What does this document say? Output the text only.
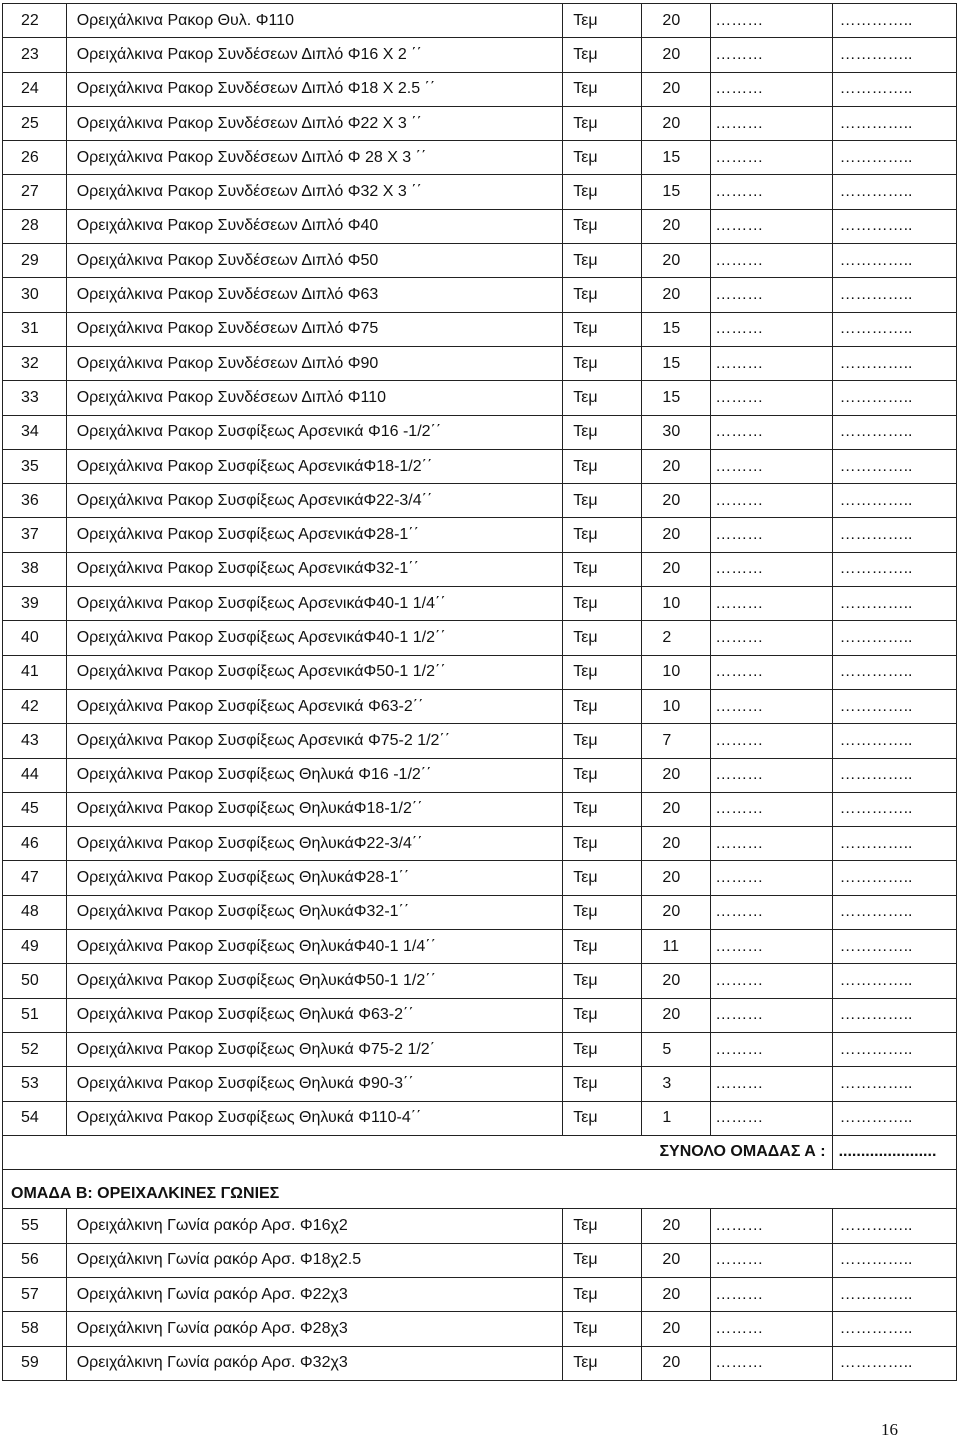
22	Ορειχάλκινα Ρακορ Θυλ. Φ110	Τεμ	20	………	…………..
23	Ορειχάλκινα Ρακορ Συνδέσεων Διπλό Φ16 Χ 2 ΄΄	Τεμ	20	………	…………..
24	Ορειχάλκινα Ρακορ Συνδέσεων Διπλό Φ18 Χ 2.5 ΄΄	Τεμ	20	………	…………..
25	Ορειχάλκινα Ρακορ Συνδέσεων Διπλό Φ22 Χ 3 ΄΄	Τεμ	20	………	…………..
26	Ορειχάλκινα Ρακορ Συνδέσεων Διπλό Φ 28 Χ 3 ΄΄	Τεμ	15	………	…………..
27	Ορειχάλκινα Ρακορ Συνδέσεων Διπλό Φ32 Χ 3 ΄΄	Τεμ	15	………	…………..
28	Ορειχάλκινα Ρακορ Συνδέσεων Διπλό Φ40	Τεμ	20	………	…………..
29	Ορειχάλκινα Ρακορ Συνδέσεων Διπλό Φ50	Τεμ	20	………	…………..
30	Ορειχάλκινα Ρακορ Συνδέσεων Διπλό Φ63	Τεμ	20	………	…………..
31	Ορειχάλκινα Ρακορ Συνδέσεων Διπλό Φ75	Τεμ	15	………	…………..
32	Ορειχάλκινα Ρακορ Συνδέσεων Διπλό Φ90	Τεμ	15	………	…………..
33	Ορειχάλκινα Ρακορ Συνδέσεων Διπλό Φ110	Τεμ	15	………	…………..
34	Ορειχάλκινα Ρακορ Συσφίξεως Αρσενικά Φ16 -1/2΄΄	Τεμ	30	………	…………..
35	Ορειχάλκινα Ρακορ Συσφίξεως ΑρσενικάΦ18-1/2΄΄	Τεμ	20	………	…………..
36	Ορειχάλκινα Ρακορ Συσφίξεως ΑρσενικάΦ22-3/4΄΄	Τεμ	20	………	…………..
37	Ορειχάλκινα Ρακορ Συσφίξεως ΑρσενικάΦ28-1΄΄	Τεμ	20	………	…………..
38	Ορειχάλκινα Ρακορ Συσφίξεως ΑρσενικάΦ32-1΄΄	Τεμ	20	………	…………..
39	Ορειχάλκινα Ρακορ Συσφίξεως ΑρσενικάΦ40-1 1/4΄΄	Τεμ	10	………	…………..
40	Ορειχάλκινα Ρακορ Συσφίξεως ΑρσενικάΦ40-1 1/2΄΄	Τεμ	2	………	…………..
41	Ορειχάλκινα Ρακορ Συσφίξεως ΑρσενικάΦ50-1 1/2΄΄	Τεμ	10	………	…………..
42	Ορειχάλκινα Ρακορ Συσφίξεως Αρσενικά Φ63-2΄΄	Τεμ	10	………	…………..
43	Ορειχάλκινα Ρακορ Συσφίξεως Αρσενικά Φ75-2 1/2΄΄	Τεμ	7	………	…………..
44	Ορειχάλκινα Ρακορ Συσφίξεως Θηλυκά Φ16 -1/2΄΄	Τεμ	20	………	…………..
45	Ορειχάλκινα Ρακορ Συσφίξεως ΘηλυκάΦ18-1/2΄΄	Τεμ	20	………	…………..
46	Ορειχάλκινα Ρακορ Συσφίξεως ΘηλυκάΦ22-3/4΄΄	Τεμ	20	………	…………..
47	Ορειχάλκινα Ρακορ Συσφίξεως ΘηλυκάΦ28-1΄΄	Τεμ	20	………	…………..
48	Ορειχάλκινα Ρακορ Συσφίξεως ΘηλυκάΦ32-1΄΄	Τεμ	20	………	…………..
49	Ορειχάλκινα Ρακορ Συσφίξεως ΘηλυκάΦ40-1 1/4΄΄	Τεμ	11	………	…………..
50	Ορειχάλκινα Ρακορ Συσφίξεως ΘηλυκάΦ50-1 1/2΄΄	Τεμ	20	………	…………..
51	Ορειχάλκινα Ρακορ Συσφίξεως Θηλυκά Φ63-2΄΄	Τεμ	20	………	…………..
52	Ορειχάλκινα Ρακορ Συσφίξεως Θηλυκά Φ75-2 1/2΄	Τεμ	5	………	…………..
53	Ορειχάλκινα Ρακορ Συσφίξεως Θηλυκά Φ90-3΄΄	Τεμ	3	………	…………..
54	Ορειχάλκινα Ρακορ Συσφίξεως Θηλυκά Φ110-4΄΄	Τεμ	1	………	…………..
ΣΥΝΟΛΟ ΟΜΑΔΑΣ Α :					......................
ΟΜΑΔΑ Β: ΟΡΕΙΧΑΛΚΙΝΕΣ ΓΩΝΙΕΣ					
55	Ορειχάλκινη Γωνία ρακόρ Αρσ. Φ16χ2	Τεμ	20	………	…………..
56	Ορειχάλκινη Γωνία ρακόρ Αρσ. Φ18χ2.5	Τεμ	20	………	…………..
57	Ορειχάλκινη Γωνία ρακόρ Αρσ. Φ22χ3	Τεμ	20	………	…………..
58	Ορειχάλκινη Γωνία ρακόρ Αρσ. Φ28χ3	Τεμ	20	………	…………..
59	Ορειχάλκινη Γωνία ρακόρ Αρσ. Φ32χ3	Τεμ	20	………	…………..
16
